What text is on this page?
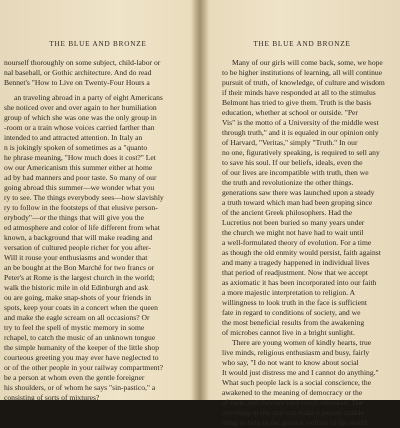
THE BLUE AND BRONZE
nourself thoroughly on some subject, child-labor or
nal baseball, or Gothic architecture. And do read
Bennet's "How to Live on Twenty-Four Hours a
an traveling abroad in a party of eight Americans
she noticed over and over again to her humiliation
group of which she was one was the only group in
-room or a train whose voices carried farther than
intended to and attracted attention. In Italy an
n is jokingly spoken of sometimes as a "quanto
he phrase meaning, "How much does it cost?" Let
ow our Americanism this summer either at home
ad by bad manners and poor taste. So many of our
going abroad this summer—we wonder what you
ry to see. The things everybody sees—how slavishly
ry to follow in the footsteps of that elusive person-
erybody"—or the things that will give you the
ed atmosphere and color of life different from what
known, a background that will make reading and
versation of cultured people richer for you after-
Will it rouse your enthusiasms and wonder that
an be bought at the Bon Marché for two francs or
Peter's at Rome is the largest church in the world;
walk the historic mile in old Edinburgh and ask
ou are going, make snap-shots of your friends in
spots, keep your coats in a concert when the queen
and make the eagle scream on all occasions? Or
try to feel the spell of mystic memory in some
rchapel, to catch the music of an unknown tongue
the simple humanity of the keeper of the little shop
courteous greeting you may ever have neglected to
or of the other people in your railway compartment?
be a person at whom even the gentle foreigner
his shoulders, or of whom he says "sin-pastico," a
consisting of sorts of mixtures?
THE BLUE AND BRONZE
Many of our girls will come back, some, we hope
to be higher institutions of learning, all will continue
pursuit of truth, of knowledge, of culture and wisdom
if their minds have responded at all to the stimulus
Belmont has tried to give them. Truth is the basis
education, whether at school or outside. "Per
Vis" is the motto of a University of the middle west
through truth," and it is equaled in our opinion only
of Harvard, "Veritas," simply "Truth." In our
no one, figuratively speaking, is required to sell any
to save his soul. If our beliefs, ideals, even the
of our lives are incompatible with truth, then we
the truth and revolutionize the other things.
generations saw there was launched upon a steady
a truth toward which man had been groping since
of the ancient Greek philosophers. Had the
Lucretius not been buried so many years under
the church we might not have had to wait until
a well-formulated theory of evolution. For a time
as though the old enmity would persist, faith against
and many a tragedy happened in individual lives
that period of readjustment. Now that we accept
as axiomatic it has been incorporated into our faith
a more majestic interpretation to religion. A
willingness to look truth in the face is sufficient
fate in regard to conditions of society, and we
the most beneficial results from the awakening
of microbes cannot live in a bright sunlight.
There are young women of kindly hearts, true
live minds, religious enthusiasm and busy, fairly
who say, "I do not want to know about social
It would just distress me and I cannot do anything."
What such people lack is a social conscience, the
awakened to the meaning of democracy or the
of men, and they are very much mistaken. The
one thing in life that can make a person unable
thing to help in the general welfare of the world.
